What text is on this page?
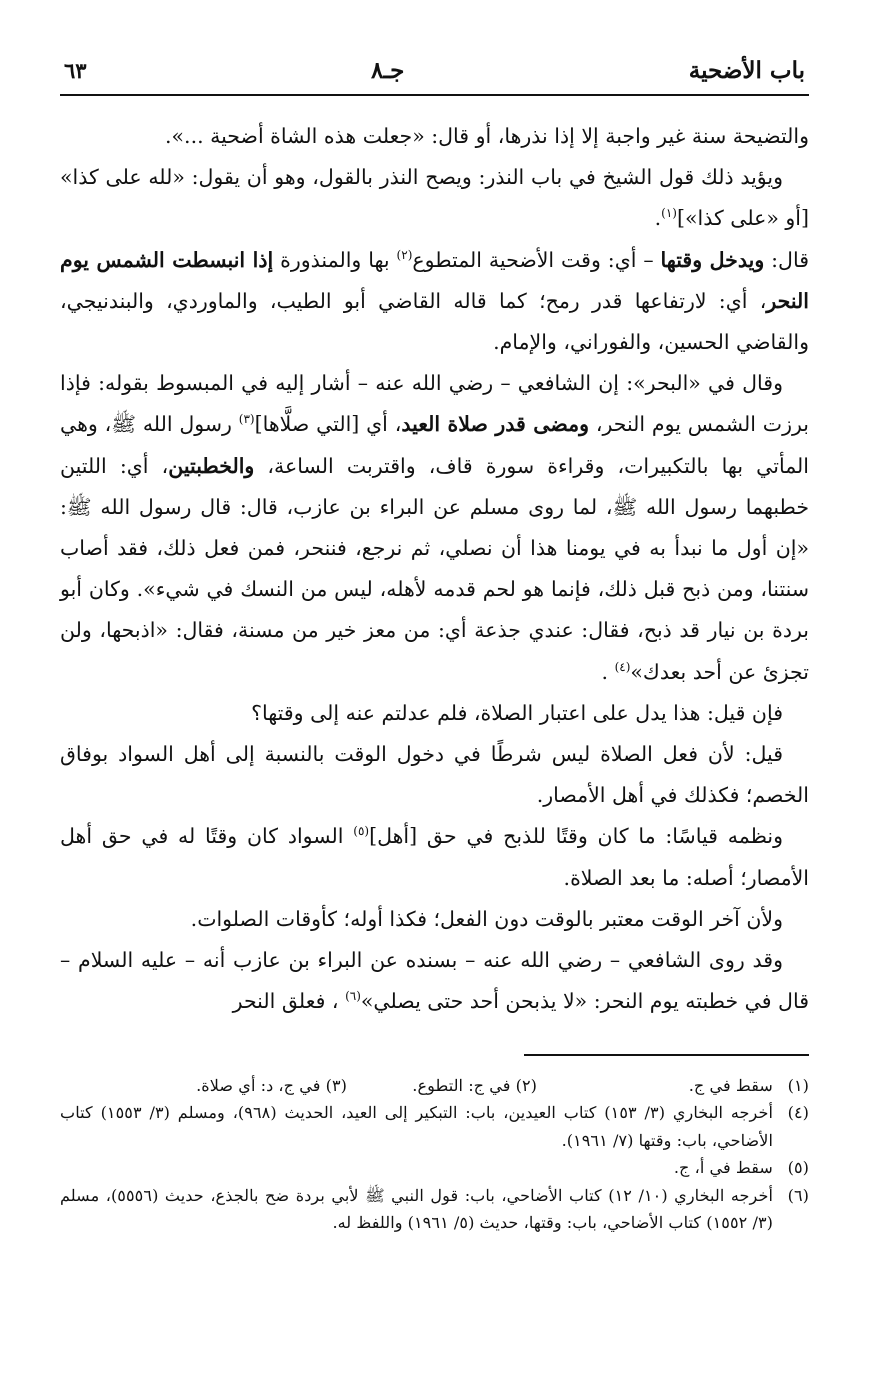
باب الأضحية
جـ٨
٦٣

والتضيحة سنة غير واجبة إلا إذا نذرها، أو قال: «جعلت هذه الشاة أضحية ...».

ويؤيد ذلك قول الشيخ في باب النذر: ويصح النذر بالقول، وهو أن يقول: «لله على كذا» [أو «على كذا»]$^{(١)}$.

قال: ويدخل وقتها – أي: وقت الأضحية المتطوع$^{(٢)}$ بها والمنذورة إذا انبسطت الشمس يوم النحر، أي: لارتفاعها قدر رمح؛ كما قاله القاضي أبو الطيب، والماوردي، والبندنيجي، والقاضي الحسين، والفوراني، والإمام.

وقال في «البحر»: إن الشافعي – رضي الله عنه – أشار إليه في المبسوط بقوله: فإذا برزت الشمس يوم النحر، ومضى قدر صلاة العيد، أي [التي صلَّاها]$^{(٣)}$ رسول الله ﷺ، وهي المأتي بها بالتكبيرات، وقراءة سورة قاف، واقتربت الساعة، والخطبتين، أي: اللتين خطبهما رسول الله ﷺ، لما روى مسلم عن البراء بن عازب، قال: قال رسول الله ﷺ: «إن أول ما نبدأ به في يومنا هذا أن نصلي، ثم نرجع، فننحر، فمن فعل ذلك، فقد أصاب سنتنا، ومن ذبح قبل ذلك، فإنما هو لحم قدمه لأهله، ليس من النسك في شيء». وكان أبو بردة بن نيار قد ذبح، فقال: عندي جذعة أي: من معز خير من مسنة، فقال: «اذبحها، ولن تجزئ عن أحد بعدك»$^{(٤)}$ .

فإن قيل: هذا يدل على اعتبار الصلاة، فلم عدلتم عنه إلى وقتها؟

قيل: لأن فعل الصلاة ليس شرطًا في دخول الوقت بالنسبة إلى أهل السواد بوفاق الخصم؛ فكذلك في أهل الأمصار.

ونظمه قياسًا: ما كان وقتًا للذبح في حق [أهل]$^{(٥)}$ السواد كان وقتًا له في حق أهل الأمصار؛ أصله: ما بعد الصلاة.

ولأن آخر الوقت معتبر بالوقت دون الفعل؛ فكذا أوله؛ كأوقات الصلوات.

وقد روى الشافعي – رضي الله عنه – بسنده عن البراء بن عازب أنه – عليه السلام – قال في خطبته يوم النحر: «لا يذبحن أحد حتى يصلي»$^{(٦)}$ ، فعلق النحر

(١)
سقط في ج.
(٢) في ج: التطوع.
(٣) في ج، د: أي صلاة.
(٤)
أخرجه البخاري (٣/ ١٥٣) كتاب العيدين، باب: التبكير إلى العيد، الحديث (٩٦٨)، ومسلم (٣/ ١٥٥٣) كتاب الأضاحي، باب: وقتها (٧/ ١٩٦١).
(٥)
سقط في أ، ج.
(٦)
أخرجه البخاري (١٠/ ١٢) كتاب الأضاحي، باب: قول النبي ﷺ لأبي بردة ضح بالجذع، حديث (٥٥٥٦)، مسلم (٣/ ١٥٥٢) كتاب الأضاحي، باب: وقتها، حديث (٥/ ١٩٦١) واللفظ له.
